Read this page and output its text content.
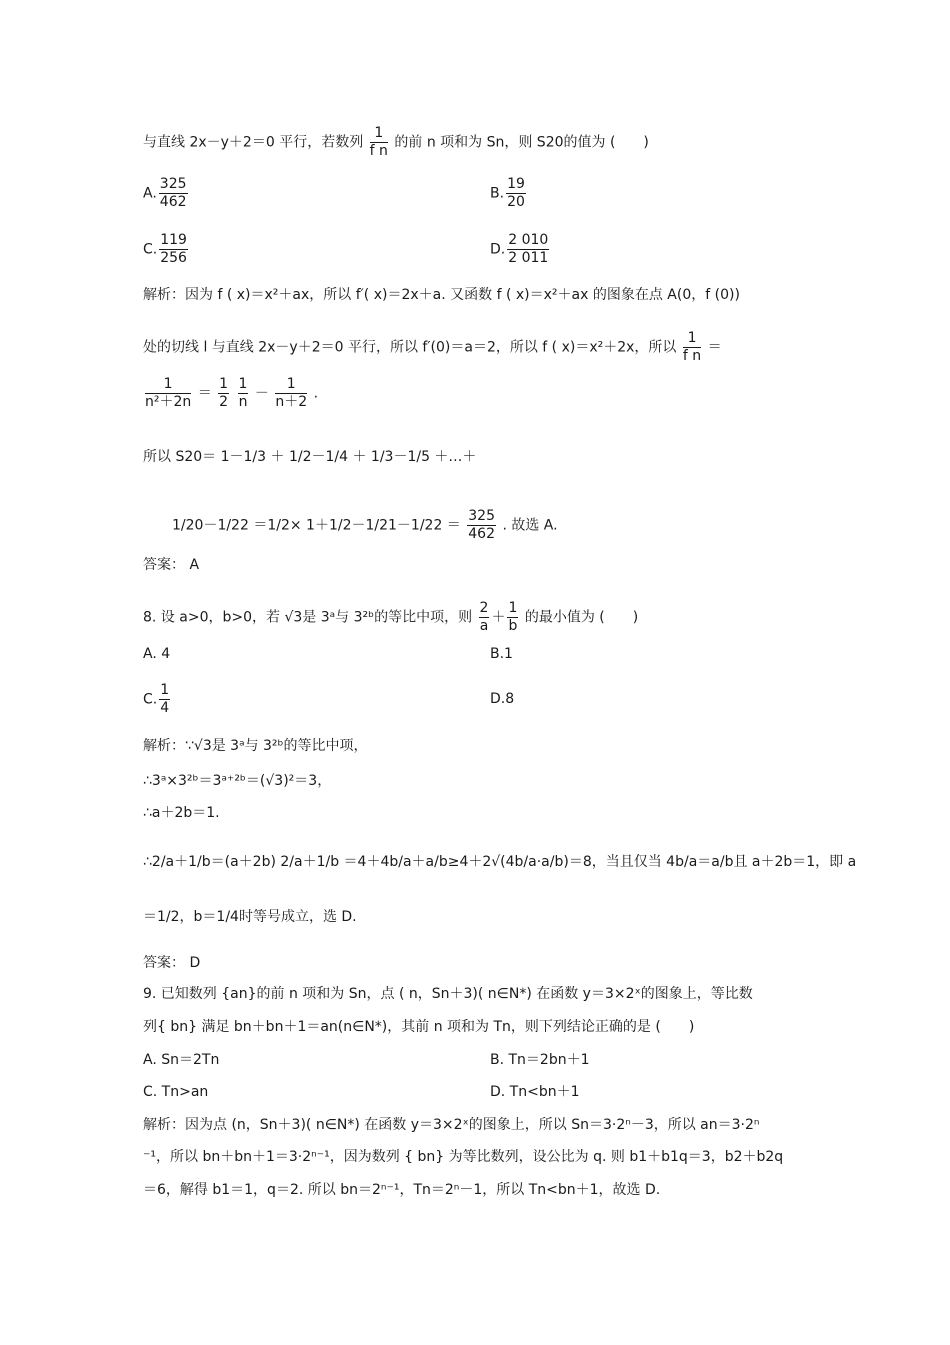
与直线 2x－y＋2＝0 平行，若数列 $\frac{1}{\text{f n}}$ 的前 n 项和为 Sn，则 S20的值为 (　　)
A. $\frac{325}{462}$	B. $\frac{19}{20}$
C. $\frac{119}{256}$	D. $\frac{2 010}{2 011}$
解析：因为 f ( x)＝x²＋ax，所以 f′( x)＝2x＋a. 又函数 f ( x)＝x²＋ax 的图象在点 A(0，f (0))
处的切线 l 与直线 2x－y＋2＝0 平行，所以 f′(0)＝a＝2，所以 f ( x)＝x²＋2x，所以 $\frac{1}{\text{f n}}$ ＝
$\frac{1}{\text{n²＋2n}} = \frac{1}{2}$
$\frac{1}{n} - \frac{1}{n+2}$ .
所以 S20＝ 1－1/3 ＋ 1/2－1/4 ＋ 1/3－1/5 ＋…＋
$1/20-1/22 =1/2\times 1+1/2-1/21-1/22 = \frac{325}{462}$ . 故选 A.
答案： A
8. 设 a>0，b>0，若 √3是 3ᵃ与 3²ᵇ的等比中项，则 $\frac{2}{a} + \frac{1}{b}$ 的最小值为 (　　)
A. 4	B.1
C. $\frac{1}{4}$	D.8
解析：∵√3是 3ᵃ与 3²ᵇ的等比中项，
∴3ᵃ×3²ᵇ＝3ᵃ⁺²ᵇ＝(√3)²＝3，
∴a＋2b＝1.
∴2/a＋1/b＝(a＋2b) 2/a＋1/b ＝4＋4b/a＋a/b≥4＋2√(4b/a·a/b)＝8，当且仅当 4b/a＝a/b且 a＋2b＝1，即 a
＝1/2，b＝1/4时等号成立，选 D.
答案： D
9. 已知数列 {an}的前 n 项和为 Sn，点 ( n，Sn＋3)( n∈N*) 在函数 y＝3×2ˣ的图象上，等比数
列{ bn} 满足 bn＋bn＋1＝an(n∈N*)，其前 n 项和为 Tn，则下列结论正确的是 (　　)
A. Sn＝2Tn	B. Tn＝2bn＋1
C. Tn>an	D. Tn<bn＋1
解析：因为点 (n，Sn＋3)( n∈N*) 在函数 y＝3×2ˣ的图象上，所以 Sn＝3·2ⁿ－3，所以 an＝3·2ⁿ
⁻¹，所以 bn＋bn＋1＝3·2ⁿ⁻¹，因为数列 { bn} 为等比数列，设公比为 q. 则 b1＋b1q＝3，b2＋b2q
＝6，解得 b1＝1，q＝2. 所以 bn＝2ⁿ⁻¹，Tn＝2ⁿ－1，所以 Tn<bn＋1，故选 D.
